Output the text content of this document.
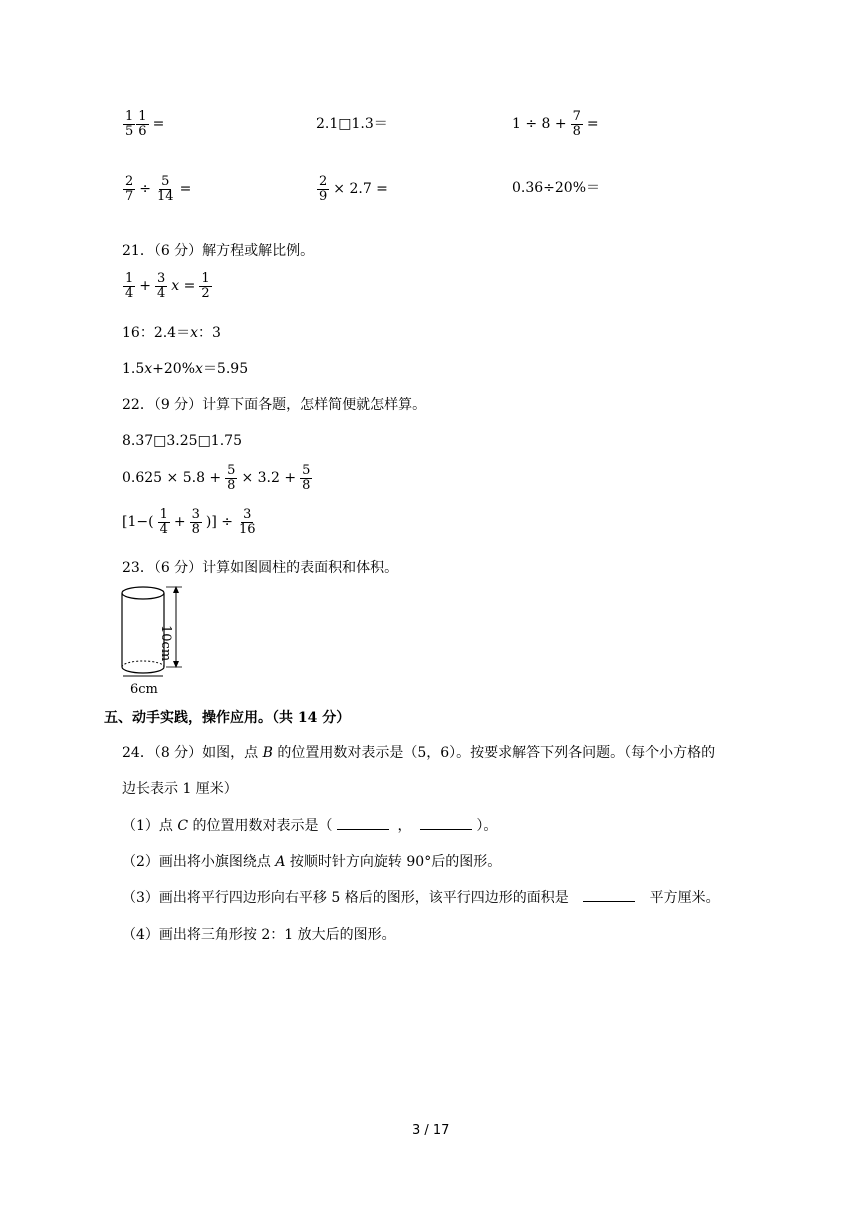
$\frac{1}{5} \frac{1}{6}$ =	2.1□1.3＝	$1 \div 8 + \frac{7}{8}$ =
$\frac{2}{7} \div \frac{5}{14}$ =	$\frac{2}{9} \times 2.7$ =	0.36÷20%＝
21．（6 分）解方程或解比例。
$\frac{1}{4} + \frac{3}{4}$ $x = \frac{1}{2}$
16：2.4＝x：3
1.5x+20%x＝5.95
22．（9 分）计算下面各题，怎样简便就怎样算。
8.37□3.25□1.75
$0.625 \times 5.8 + \frac{5}{8} \times 3.2 + \frac{5}{8}$
[$1-( \frac{1}{4} + \frac{3}{8}$ )] ÷ $\frac{3}{16}$
23．（6 分）计算如图圆柱的表面积和体积。
10cm
6cm
五、动手实践，操作应用。（共 14 分）
24．（8 分）如图，点 B 的位置用数对表示是（5，6）。按要求解答下列各问题。（每个小方格的
边长表示 1 厘米）
（1）点 C 的位置用数对表示是（	，	）。
（2）画出将小旗图绕点 A 按顺时针方向旋转 90°后的图形。
（3）画出将平行四边形向右平移 5 格后的图形，该平行四边形的面积是	平方厘米。
（4）画出将三角形按 2：1 放大后的图形。
3 / 17
